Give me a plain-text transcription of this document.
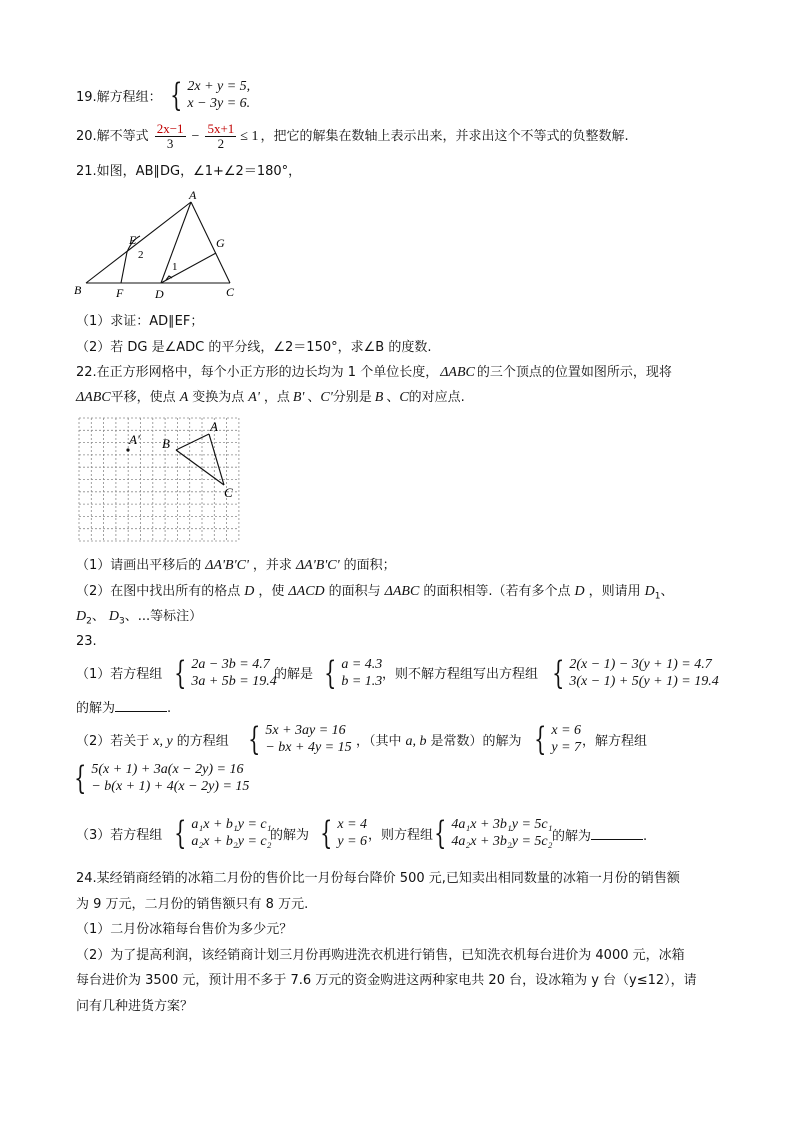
19.解方程组： { 2x + y = 5,
x − 3y = 6.
20.解不等式 $\frac{2x-1}{3} - \frac{5x+1}{2} \le 1$ ，把它的解集在数轴上表示出来，并求出这个不等式的负整数解.
21.如图，AB∥DG，∠1+∠2＝180°，
A
B	C
D
E
F
G
1
2
（1）求证：AD∥EF；
（2）若 DG 是∠ADC 的平分线，∠2＝150°，求∠B 的度数.
22.在正方形网格中，每个小正方形的边长均为 1 个单位长度， ΔABC 的三个顶点的位置如图所示，现将
ΔABC平移，使点 A 变换为点 A' ，点 B' 、C'分别是 B 、C的对应点.
A' B
A
C
（1）请画出平移后的 ΔA'B'C' ，并求 ΔA'B'C' 的面积；
（2）在图中找出所有的格点 D ，使 ΔACD 的面积与 ΔABC 的面积相等.（若有多个点 D ，则请用 $D_1$、
$D_2$、 $D_3$、...等标注）
23.
（1）若方程组 { 2a − 3b = 4.7
3a + 5b = 19.4
的解是 { a = 4.3
b = 1.3 ，则不解方程组写出方程组 { 2(x − 1) − 3(y + 1) = 4.7
3(x − 1) + 5(y + 1) = 19.4
的解为	.
（2）若关于 x, y 的方程组 { 5x + 3ay = 16
− bx + 4y = 15 ，（其中 a, b 是常数）的解为 { x = 6
y = 7 ，解方程组
{ 5(x + 1) + 3a(x − 2y) = 16
− b(x + 1) + 4(x − 2y) = 15
（3）若方程组 { a₁x + b₁y = c₁
a₂x + b₂y = c₂
的解为 { x = 4
y = 6 ，则方程组 { 4a₁x + 3b₁y = 5c₁
4a₂x + 3b₂y = 5c₂ 的解为	.
24.某经销商经销的冰箱二月份的售价比一月份每台降价 500 元,已知卖出相同数量的冰箱一月份的销售额
为 9 万元，二月份的销售额只有 8 万元.
（1）二月份冰箱每台售价为多少元？
（2）为了提高利润，该经销商计划三月份再购进洗衣机进行销售，已知洗衣机每台进价为 4000 元，冰箱
每台进价为 3500 元，预计用不多于 7.6 万元的资金购进这两种家电共 20 台，设冰箱为 y 台（y≤12），请
问有几种进货方案？
